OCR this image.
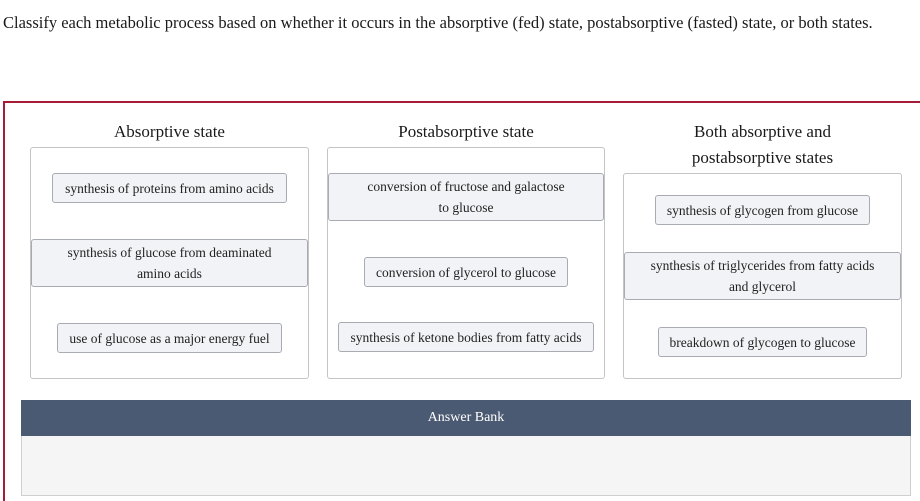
Classify each metabolic process based on whether it occurs in the absorptive (fed) state, postabsorptive (fasted) state, or both states.
Absorptive state
synthesis of proteins from amino acids
synthesis of glucose from deaminated amino acids
use of glucose as a major energy fuel
Postabsorptive state
conversion of fructose and galactose to glucose
conversion of glycerol to glucose
synthesis of ketone bodies from fatty acids
Both absorptive and postabsorptive states
synthesis of glycogen from glucose
synthesis of triglycerides from fatty acids and glycerol
breakdown of glycogen to glucose
Answer Bank
